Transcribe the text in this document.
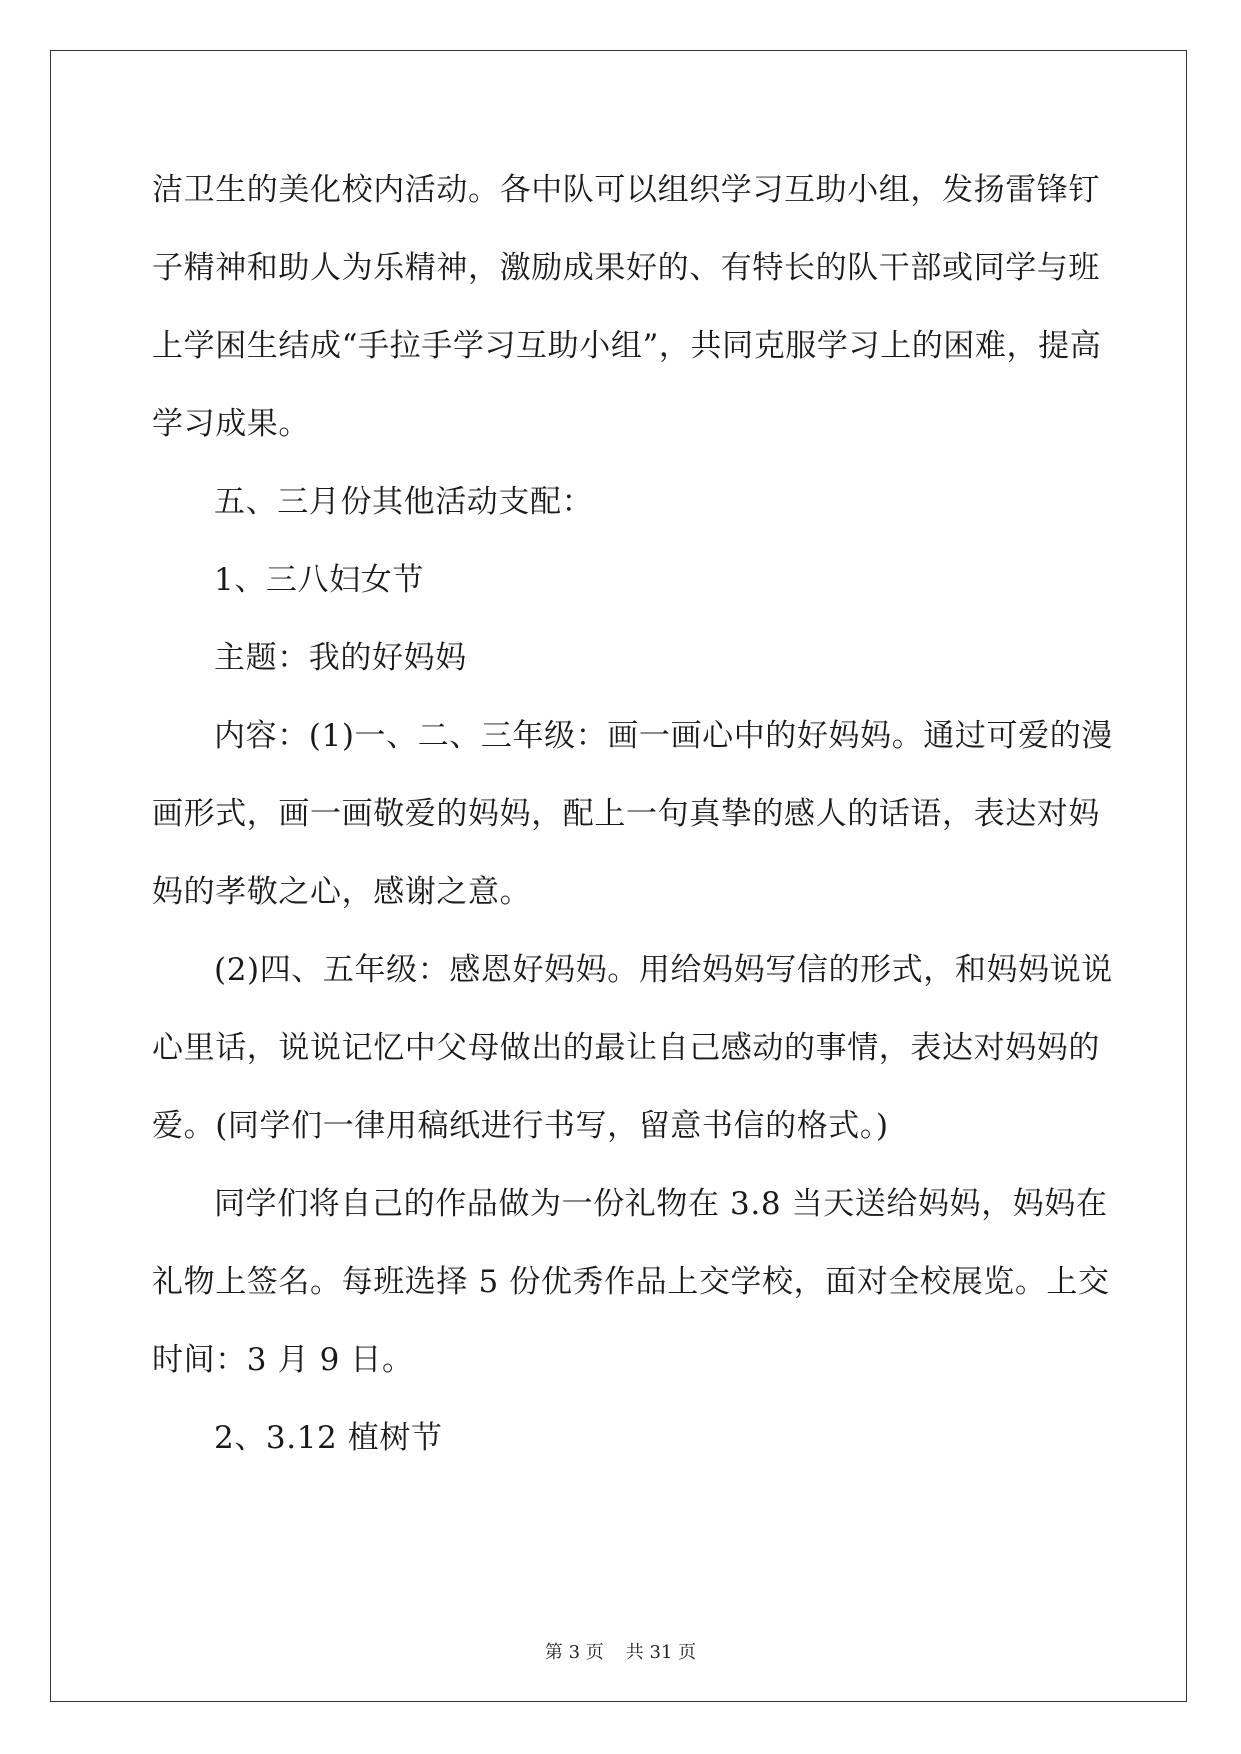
洁卫生的美化校内活动。各中队可以组织学习互助小组，发扬雷锋钉
子精神和助人为乐精神，激励成果好的、有特长的队干部或同学与班
上学困生结成“手拉手学习互助小组”，共同克服学习上的困难，提高
学习成果。
五、三月份其他活动支配：
1、三八妇女节
主题：我的好妈妈
内容：(1)一、二、三年级：画一画心中的好妈妈。通过可爱的漫
画形式，画一画敬爱的妈妈，配上一句真挚的感人的话语，表达对妈
妈的孝敬之心，感谢之意。
(2)四、五年级：感恩好妈妈。用给妈妈写信的形式，和妈妈说说
心里话，说说记忆中父母做出的最让自己感动的事情，表达对妈妈的
爱。(同学们一律用稿纸进行书写，留意书信的格式。)
同学们将自己的作品做为一份礼物在 3.8 当天送给妈妈，妈妈在
礼物上签名。每班选择 5 份优秀作品上交学校，面对全校展览。上交
时间：3 月 9 日。
2、3.12 植树节
第 3 页 共 31 页
